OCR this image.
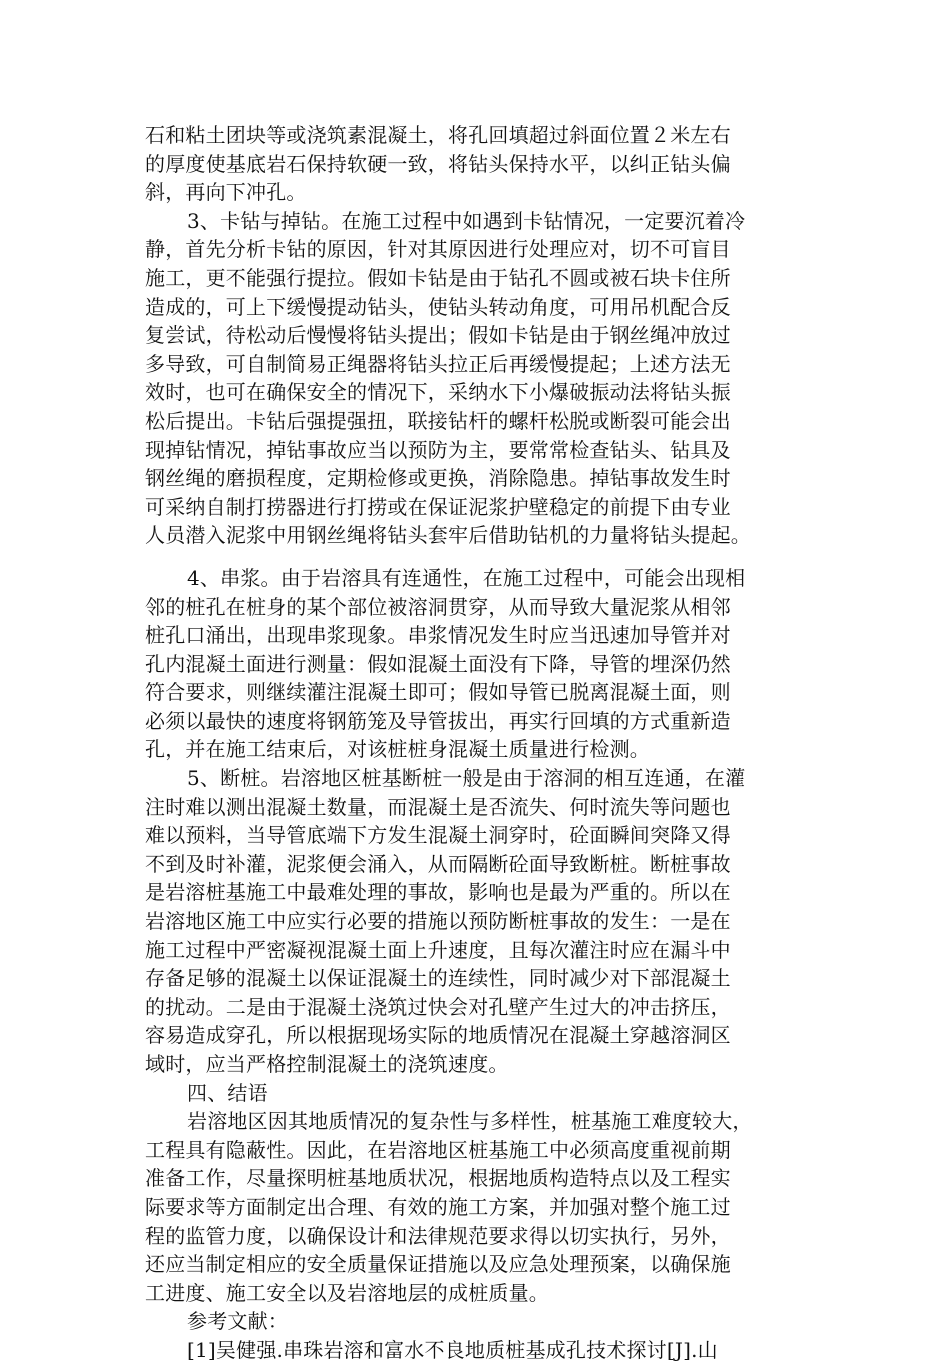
石和粘土团块等或浇筑素混凝土，将孔回填超过斜面位置２米左右
的厚度使基底岩石保持软硬一致，将钻头保持水平，以纠正钻头偏
斜，再向下冲孔。
3、卡钻与掉钻。在施工过程中如遇到卡钻情况，一定要沉着冷
静，首先分析卡钻的原因，针对其原因进行处理应对，切不可盲目
施工，更不能强行提拉。假如卡钻是由于钻孔不圆或被石块卡住所
造成的，可上下缓慢提动钻头，使钻头转动角度，可用吊机配合反
复尝试，待松动后慢慢将钻头提出；假如卡钻是由于钢丝绳冲放过
多导致，可自制简易正绳器将钻头拉正后再缓慢提起；上述方法无
效时，也可在确保安全的情况下，采纳水下小爆破振动法将钻头振
松后提出。卡钻后强提强扭，联接钻杆的螺杆松脱或断裂可能会出
现掉钻情况，掉钻事故应当以预防为主，要常常检查钻头、钻具及
钢丝绳的磨损程度，定期检修或更换，消除隐患。掉钻事故发生时
可采纳自制打捞器进行打捞或在保证泥浆护壁稳定的前提下由专业
人员潜入泥浆中用钢丝绳将钻头套牢后借助钻机的力量将钻头提起。
4、串浆。由于岩溶具有连通性，在施工过程中，可能会出现相
邻的桩孔在桩身的某个部位被溶洞贯穿，从而导致大量泥浆从相邻
桩孔口涌出，出现串浆现象。串浆情况发生时应当迅速加导管并对
孔内混凝土面进行测量：假如混凝土面没有下降，导管的埋深仍然
符合要求，则继续灌注混凝土即可；假如导管已脱离混凝土面，则
必须以最快的速度将钢筋笼及导管拔出，再实行回填的方式重新造
孔，并在施工结束后，对该桩桩身混凝土质量进行检测。
5、断桩。岩溶地区桩基断桩一般是由于溶洞的相互连通，在灌
注时难以测出混凝土数量，而混凝土是否流失、何时流失等问题也
难以预料，当导管底端下方发生混凝土洞穿时，砼面瞬间突降又得
不到及时补灌，泥浆便会涌入，从而隔断砼面导致断桩。断桩事故
是岩溶桩基施工中最难处理的事故，影响也是最为严重的。所以在
岩溶地区施工中应实行必要的措施以预防断桩事故的发生：一是在
施工过程中严密凝视混凝土面上升速度，且每次灌注时应在漏斗中
存备足够的混凝土以保证混凝土的连续性，同时减少对下部混凝土
的扰动。二是由于混凝土浇筑过快会对孔壁产生过大的冲击挤压，
容易造成穿孔，所以根据现场实际的地质情况在混凝土穿越溶洞区
域时，应当严格控制混凝土的浇筑速度。
四、结语
岩溶地区因其地质情况的复杂性与多样性，桩基施工难度较大，
工程具有隐蔽性。因此，在岩溶地区桩基施工中必须高度重视前期
准备工作，尽量探明桩基地质状况，根据地质构造特点以及工程实
际要求等方面制定出合理、有效的施工方案，并加强对整个施工过
程的监管力度，以确保设计和法律规范要求得以切实执行，另外，
还应当制定相应的安全质量保证措施以及应急处理预案，以确保施
工进度、施工安全以及岩溶地层的成桩质量。
参考文献：
[1]吴健强.串珠岩溶和富水不良地质桩基成孔技术探讨[J].山
